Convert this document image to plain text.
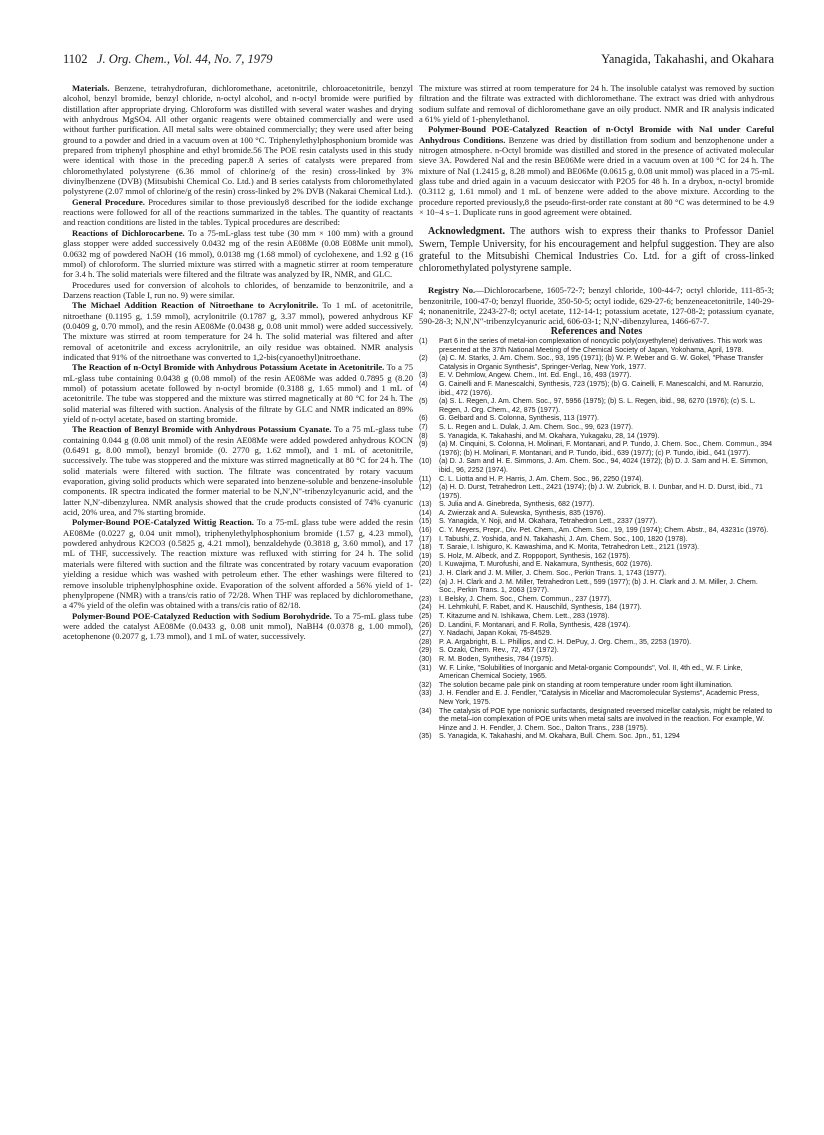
1102 J. Org. Chem., Vol. 44, No. 7, 1979	Yanagida, Takahashi, and Okahara

Materials. Benzene, tetrahydrofuran, dichloromethane, acetonitrile, chloroacetonitrile, benzyl alcohol, benzyl bromide, benzyl chloride, n-octyl alcohol, and n-octyl bromide were purified by distillation after appropriate drying. Chloroform was distilled with several water washes and drying with anhydrous MgSO4. All other organic reagents were obtained commercially and were used without further purification. All metal salts were obtained commercially; they were used after being ground to a powder and dried in a vacuum oven at 100 °C. Triphenylethylphosphonium bromide was prepared from triphenyl phosphine and ethyl bromide.56 The POE resin catalysts used in this study were identical with those in the preceding paper.8 A series of catalysts were prepared from chloromethylated polystyrene (6.36 mmol of chlorine/g of the resin) cross-linked by 3% divinylbenzene (DVB) (Mitsubishi Chemical Co. Ltd.) and B series catalysts from chloromethylated polystyrene (2.07 mmol of chlorine/g of the resin) cross-linked by 2% DVB (Nakarai Chemical Ltd.).

General Procedure. Procedures similar to those previously8 described for the iodide exchange reactions were followed for all of the reactions summarized in the tables. The quantity of reactants and reaction conditions are listed in the tables. Typical procedures are described:

Reactions of Dichlorocarbene. To a 75-mL-glass test tube (30 mm × 100 mm) with a ground glass stopper were added successively 0.0432 mg of the resin AE08Me (0.08 E08Me unit mmol), 0.0632 mg of powdered NaOH (16 mmol), 0.0138 mg (1.68 mmol) of cyclohexene, and 1.92 g (16 mmol) of chloroform. The slurried mixture was stirred with a magnetic stirrer at room temperature for 3.4 h. The solid materials were filtered and the filtrate was analyzed by IR, NMR, and GLC.

Procedures used for conversion of alcohols to chlorides, of benzamide to benzonitrile, and a Darzens reaction (Table I, run no. 9) were similar.

The Michael Addition Reaction of Nitroethane to Acrylonitrile. To 1 mL of acetonitrile, nitroethane (0.1195 g, 1.59 mmol), acrylonitrile (0.1787 g, 3.37 mmol), powered anhydrous KF (0.0409 g, 0.70 mmol), and the resin AE08Me (0.0438 g, 0.08 unit mmol) were added successively. The mixture was stirred at room temperature for 24 h. The solid material was filtered and after removal of acetonitrile and excess acrylonitrile, an oily residue was obtained. NMR analysis indicated that 91% of the nitroethane was converted to 1,2-bis(cyanoethyl)nitroethane.

The Reaction of n-Octyl Bromide with Anhydrous Potassium Acetate in Acetonitrile. To a 75 mL-glass tube containing 0.0438 g (0.08 mmol) of the resin AE08Me was added 0.7895 g (8.20 mmol) of potassium acetate followed by n-octyl bromide (0.3188 g, 1.65 mmol) and 1 mL of acetonitrile. The tube was stoppered and the mixture was stirred magnetically at 80 °C for 24 h. The solid material was filtered with suction. Analysis of the filtrate by GLC and NMR indicated an 89% yield of n-octyl acetate, based on starting bromide.

The Reaction of Benzyl Bromide with Anhydrous Potassium Cyanate. To a 75 mL-glass tube containing 0.044 g (0.08 unit mmol) of the resin AE08Me were added powdered anhydrous KOCN (0.6491 g, 8.00 mmol), benzyl bromide (0. 2770 g, 1.62 mmol), and 1 mL of acetonitrile, successively. The tube was stoppered and the mixture was stirred magnetically at 80 °C for 24 h. The solid materials were filtered with suction. The filtrate was concentrated by rotary vacuum evaporation, giving solid products which were separated into benzene-soluble and benzene-insoluble components. IR spectra indicated the former material to be N,N′,N″-tribenzylcyanuric acid, and the latter N,N′-dibenzylurea. NMR analysis showed that the crude products consisted of 74% cyanuric acid, 20% urea, and 7% starting bromide.

Polymer-Bound POE-Catalyzed Wittig Reaction. To a 75-mL glass tube were added the resin AE08Me (0.0227 g, 0.04 unit mmol), triphenylethylphosphonium bromide (1.57 g, 4.23 mmol), powdered anhydrous K2CO3 (0.5825 g, 4.21 mmol), benzaldehyde (0.3818 g, 3.60 mmol), and 17 mL of THF, successively. The reaction mixture was refluxed with stirring for 24 h. The solid materials were filtered with suction and the filtrate was concentrated by rotary vacuum evaporation yielding a residue which was washed with petroleum ether. The ether washings were filtered to remove insoluble triphenylphosphine oxide. Evaporation of the solvent afforded a 56% yield of 1-phenylpropene (NMR) with a trans/cis ratio of 72/28. When THF was replaced by dichloromethane, a 47% yield of the olefin was obtained with a trans/cis ratio of 82/18.

Polymer-Bound POE-Catalyzed Reduction with Sodium Borohydride. To a 75-mL glass tube were added the catalyst AE08Me (0.0433 g, 0.08 unit mmol), NaBH4 (0.0378 g, 1.00 mmol), acetophenone (0.2077 g, 1.73 mmol), and 1 mL of water, successively.

The mixture was stirred at room temperature for 24 h. The insoluble catalyst was removed by suction filtration and the filtrate was extracted with dichloromethane. The extract was dried with anhydrous sodium sulfate and removal of dichloromethane gave an oily product. NMR and IR analysis indicated a 61% yield of 1-phenylethanol.

Polymer-Bound POE-Catalyzed Reaction of n-Octyl Bromide with NaI under Careful Anhydrous Conditions. Benzene was dried by distillation from sodium and benzophenone under a nitrogen atmosphere. n-Octyl bromide was distilled and stored in the presence of activated molecular sieve 3A. Powdered NaI and the resin BE06Me were dried in a vacuum oven at 100 °C for 24 h. The mixture of NaI (1.2415 g, 8.28 mmol) and BE06Me (0.0615 g, 0.08 unit mmol) was placed in a 75-mL glass tube and dried again in a vacuum desiccator with P2O5 for 48 h. In a drybox, n-octyl bromide (0.3112 g, 1.61 mmol) and 1 mL of benzene were added to the above mixture. According to the procedure reported previously,8 the pseudo-first-order rate constant at 80 °C was determined to be 4.9 × 10−4 s−1. Duplicate runs in good agreement were obtained.

Acknowledgment. The authors wish to express their thanks to Professor Daniel Swern, Temple University, for his encouragement and helpful suggestion. They are also grateful to the Mitsubishi Chemical Industries Co. Ltd. for a gift of cross-linked chloromethylated polystyrene sample.

Registry No.—Dichlorocarbene, 1605-72-7; benzyl chloride, 100-44-7; octyl chloride, 111-85-3; benzonitrile, 100-47-0; benzyl fluoride, 350-50-5; octyl iodide, 629-27-6; benzeneacetonitrile, 140-29-4; nonanenitrile, 2243-27-8; octyl acetate, 112-14-1; potassium acetate, 127-08-2; potassium cyanate, 590-28-3; N,N′,N″-tribenzylcyanuric acid, 606-03-1; N,N′-dibenzylurea, 1466-67-7.

References and Notes

(1)	Part 6 in the series of metal-ion complexation of noncyclic poly(oxyethylene) derivatives. This work was presented at the 37th National Meeting of the Chemical Society of Japan, Yokohama, April, 1978.
(2)	(a) C. M. Starks, J. Am. Chem. Soc., 93, 195 (1971); (b) W. P. Weber and G. W. Gokel, "Phase Transfer Catalysis in Organic Synthesis", Springer-Verlag, New York, 1977.
(3)	E. V. Dehmlow, Angew. Chem., Int. Ed. Engl., 16, 493 (1977).
(4)	G. Cainelli and F. Manescalchi, Synthesis, 723 (1975); (b) G. Cainelli, F. Manescalchi, and M. Ranurzio, ibid., 472 (1976).
(5)	(a) S. L. Regen, J. Am. Chem. Soc., 97, 5956 (1975); (b) S. L. Regen, ibid., 98, 6270 (1976); (c) S. L. Regen, J. Org. Chem., 42, 875 (1977).
(6)	G. Gelbard and S. Colonna, Synthesis, 113 (1977).
(7)	S. L. Regen and L. Dulak, J. Am. Chem. Soc., 99, 623 (1977).
(8)	S. Yanagida, K. Takahashi, and M. Okahara, Yukagaku, 28, 14 (1979).
(9)	(a) M. Cinquini, S. Colonna, H. Molinari, F. Montanari, and P. Tundo, J. Chem. Soc., Chem. Commun., 394 (1976); (b) H. Molinari, F. Montanari, and P. Tundo, ibid., 639 (1977); (c) P. Tundo, ibid., 641 (1977).
(10)	(a) D. J. Sam and H. E. Simmons, J. Am. Chem. Soc., 94, 4024 (1972); (b) D. J. Sam and H. E. Simmon, ibid., 96, 2252 (1974).
(11)	C. L. Liotta and H. P. Harris, J. Am. Chem. Soc., 96, 2250 (1974).
(12)	(a) H. D. Durst, Tetrahedron Lett., 2421 (1974); (b) J. W. Zubrick, B. I. Dunbar, and H. D. Durst, ibid., 71 (1975).
(13)	S. Julia and A. Ginebreda, Synthesis, 682 (1977).
(14)	A. Zwierzak and A. Sulewska, Synthesis, 835 (1976).
(15)	S. Yanagida, Y. Noji, and M. Okahara, Tetrahedron Lett., 2337 (1977).
(16)	C. Y. Meyers, Prepr., Div. Pet. Chem., Am. Chem. Soc., 19, 199 (1974); Chem. Abstr., 84, 43231c (1976).
(17)	I. Tabushi, Z. Yoshida, and N. Takahashi, J. Am. Chem. Soc., 100, 1820 (1978).
(18)	T. Saraie, I. Ishiguro, K. Kawashima, and K. Morita, Tetrahedron Lett., 2121 (1973).
(19)	S. Holz, M. Albeck, and Z. Roppoport, Synthesis, 162 (1975).
(20)	I. Kuwajima, T. Murofushi, and E. Nakamura, Synthesis, 602 (1976).
(21)	J. H. Clark and J. M. Miller, J. Chem. Soc., Perkin Trans. 1, 1743 (1977).
(22)	(a) J. H. Clark and J. M. Miller, Tetrahedron Lett., 599 (1977); (b) J. H. Clark and J. M. Miller, J. Chem. Soc., Perkin Trans. 1, 2063 (1977).
(23)	I. Belsky, J. Chem. Soc., Chem. Commun., 237 (1977).
(24)	H. Lehmkuhl, F. Rabet, and K. Hauschild, Synthesis, 184 (1977).
(25)	T. Kitazume and N. Ishikawa, Chem. Lett., 283 (1978).
(26)	D. Landini, F. Montanari, and F. Rolla, Synthesis, 428 (1974).
(27)	Y. Nadachi, Japan Kokai, 75-84529.
(28)	P. A. Argabright, B. L. Phillips, and C. H. DePuy, J. Org. Chem., 35, 2253 (1970).
(29)	S. Ozaki, Chem. Rev., 72, 457 (1972).
(30)	R. M. Boden, Synthesis, 784 (1975).
(31)	W. F. Linke, "Solubilities of Inorganic and Metal-organic Compounds", Vol. II, 4th ed., W. F. Linke, American Chemical Society, 1965.
(32)	The solution became pale pink on standing at room temperature under room light illumination.
(33)	J. H. Fendler and E. J. Fendler, "Catalysis in Micellar and Macromolecular Systems", Academic Press, New York, 1975.
(34)	The catalysis of POE type nonionic surfactants, designated reversed micellar catalysis, might be related to the metal–ion complexation of POE units when metal salts are involved in the reaction. For example, W. Hinze and J. H. Fendler, J. Chem. Soc., Dalton Trans., 238 (1975).
(35)	S. Yanagida, K. Takahashi, and M. Okahara, Bull. Chem. Soc. Jpn., 51, 1294
